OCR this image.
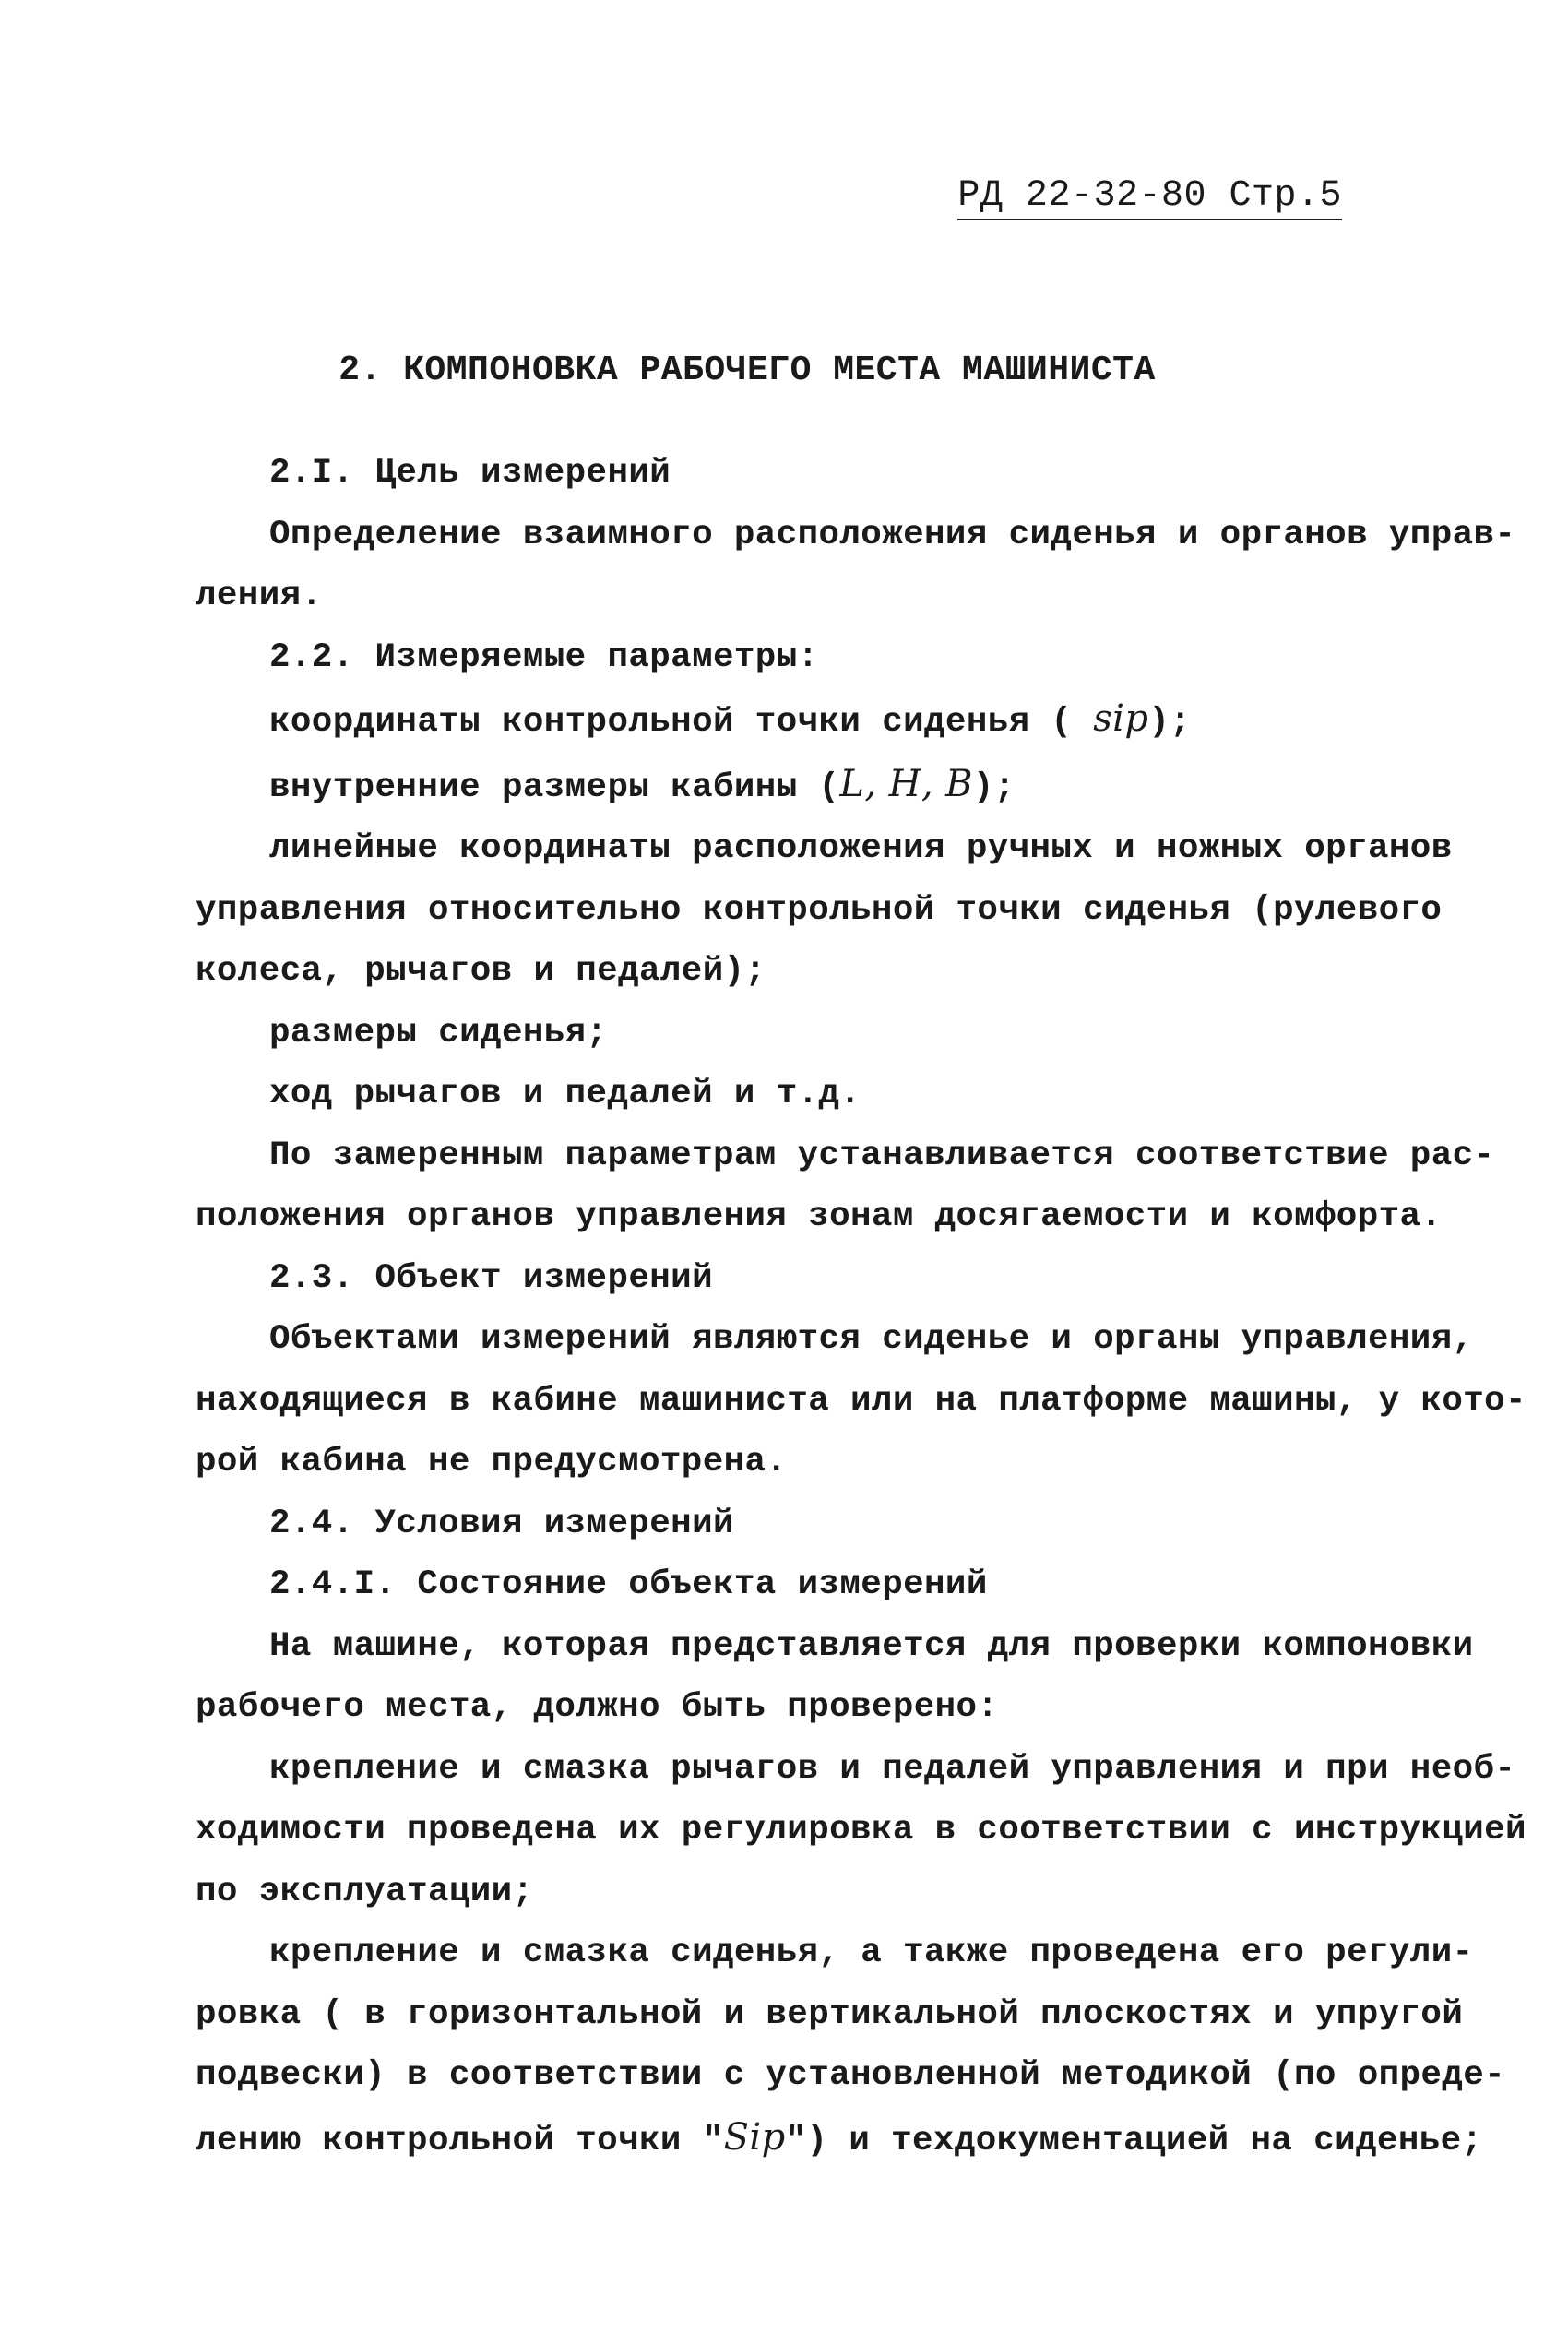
РД 22-32-80 Стр.5
2. КОМПОНОВКА РАБОЧЕГО МЕСТА МАШИНИСТА
2.I. Цель измерений
Определение взаимного расположения сиденья и органов управ-
ления.
2.2. Измеряемые параметры:
координаты контрольной точки сиденья ( sip);
внутренние размеры кабины (L, H, B);
линейные координаты расположения ручных и ножных органов
управления относительно контрольной точки сиденья (рулевого
колеса, рычагов и педалей);
размеры сиденья;
ход рычагов и педалей и т.д.
По замеренным параметрам устанавливается соответствие рас-
положения органов управления зонам досягаемости и комфорта.
2.3. Объект измерений
Объектами измерений являются сиденье и органы управления,
находящиеся в кабине машиниста или на платформе машины, у кото-
рой кабина не предусмотрена.
2.4. Условия измерений
2.4.I. Состояние объекта измерений
На машине, которая представляется для проверки компоновки
рабочего места, должно быть проверено:
крепление и смазка рычагов и педалей управления и при необ-
ходимости проведена их регулировка в соответствии с инструкцией
по эксплуатации;
крепление и смазка сиденья, а также проведена его регули-
ровка ( в горизонтальной и вертикальной плоскостях и упругой
подвески) в соответствии с установленной методикой (по опреде-
лению контрольной точки "Sip") и техдокументацией на сиденье;
